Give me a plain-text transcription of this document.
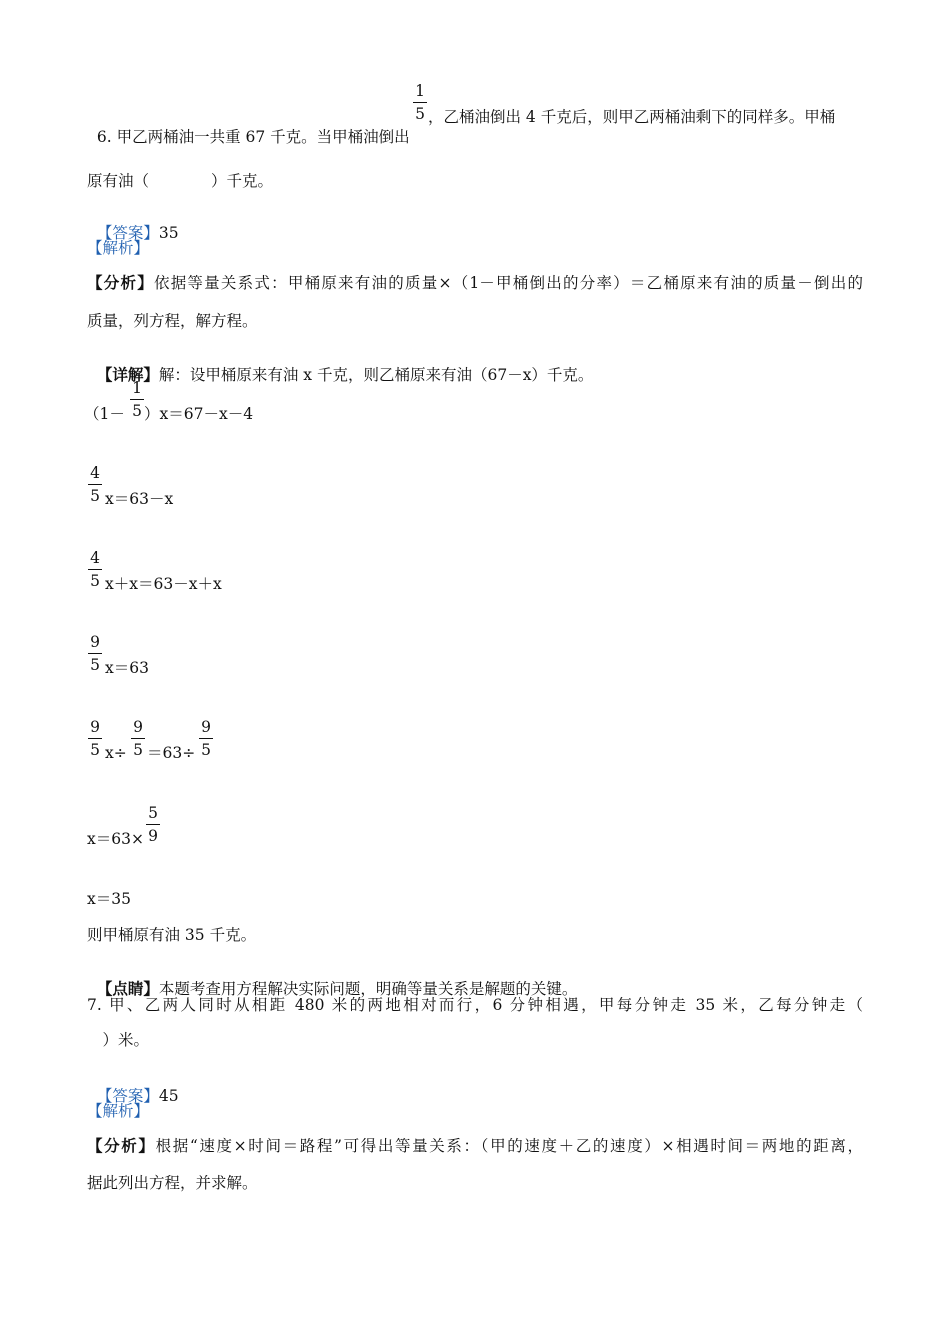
6. 甲乙两桶油一共重 67 千克。当甲桶油倒出

1
5 ，乙桶油倒出 4 千克后，则甲乙两桶油剩下的同样多。甲桶
原有油（　　　　）千克。

【答案】35

【解析】
【分析】依据等量关系式：甲桶原来有油的质量×（1－甲桶倒出的分率）＝乙桶原来有油的质量－倒出的
质量，列方程，解方程。

【详解】解：设甲桶原来有油 x 千克，则乙桶原来有油（67－x）千克。

（1－
1
5 ）x＝67－x－4
4
5 x＝63－x
4
5 x＋x＝63－x＋x
9
5 x＝63
9
5 x÷
9
5 ＝63÷
9
5
x＝63×
5
9
x＝35
则甲桶原有油 35 千克。

【点睛】本题考查用方程解决实际问题，明确等量关系是解题的关键。

7. 甲、乙两人同时从相距 480 米的两地相对而行，6 分钟相遇，甲每分钟走 35 米，乙每分钟走（
　）米。

【答案】45

【解析】
【分析】根据“速度×时间＝路程”可得出等量关系：（甲的速度＋乙的速度）×相遇时间＝两地的距离，
据此列出方程，并求解。
